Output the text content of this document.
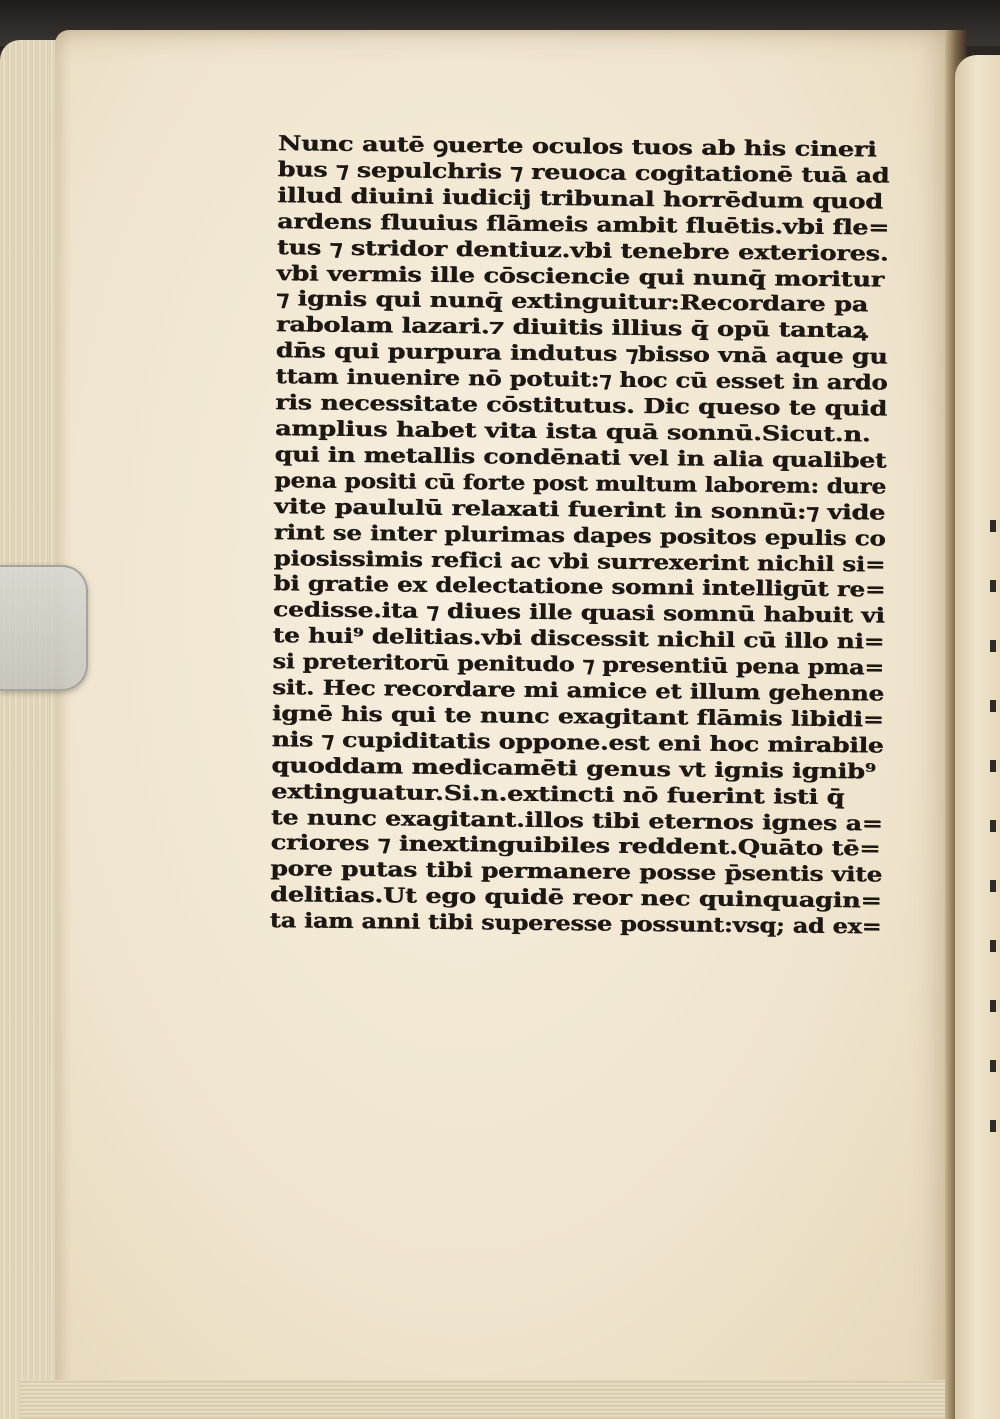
Nunc autē ꝯuerte oculos tuos ab his cineri
bus ⁊ sepulchris ⁊ reuoca cogitationē tuā ad
illud diuini iudicij tribunal horrēdum quod
ardens fluuius flāmeis ambit fluētis.vbi fle=
tus ⁊ stridor dentiuz.vbi tenebre exteriores.
vbi vermis ille cōsciencie qui nunq̄ moritur
⁊ ignis qui nunq̄ extinguitur:Recordare pa
rabolam lazari.⁊ diuitis illius q̄ opū tantaꝝ
dn̄s qui purpura indutus ⁊bisso vnā aque gu
ttam inuenire nō potuit:⁊ hoc cū esset in ardo
ris necessitate cōstitutus. Dic queso te quid
amplius habet vita ista quā sonnū.Sicut.n.
qui in metallis condēnati vel in alia qualibet
pena positi cū forte post multum laborem: dure
vite paululū relaxati fuerint in sonnū:⁊ vide
rint se inter plurimas dapes positos epulis co
piosissimis refici ac vbi surrexerint nichil si=
bi gratie ex delectatione somni intelligūt re=
cedisse.ita ⁊ diues ille quasi somnū habuit vi
te hui⁹ delitias.vbi discessit nichil cū illo ni=
si preteritorū penitudo ⁊ presentiū pena pma=
sit. Hec recordare mi amice et illum gehenne
ignē his qui te nunc exagitant flāmis libidi=
nis ⁊ cupiditatis oppone.est eni hoc mirabile
quoddam medicamēti genus vt ignis ignib⁹
extinguatur.Si.n.extincti nō fuerint isti q̄
te nunc exagitant.illos tibi eternos ignes a=
criores ⁊ inextinguibiles reddent.Quāto tē=
pore putas tibi permanere posse p̄sentis vite
delitias.Ut ego quidē reor nec quinquagin=
ta iam anni tibi superesse possunt:vsq; ad ex=
